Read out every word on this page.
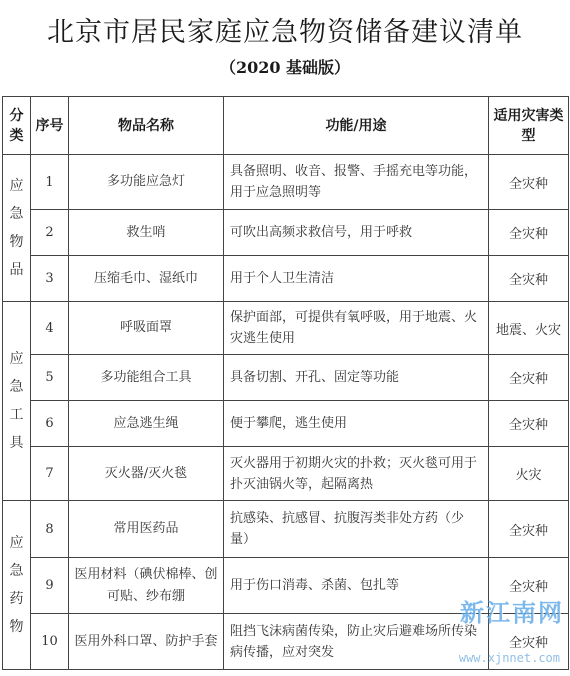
北京市居民家庭应急物资储备建议清单
（2020 基础版）
分类	序号	物品名称	功能/用途	适用灾害类型
应急物品	1	多功能应急灯	具备照明、收音、报警、手摇充电等功能，用于应急照明等	全灾种
	2	救生哨	可吹出高频求救信号，用于呼救	全灾种
	3	压缩毛巾、湿纸巾	用于个人卫生清洁	全灾种
应急工具	4	呼吸面罩	保护面部，可提供有氧呼吸，用于地震、火灾逃生使用	地震、火灾
	5	多功能组合工具	具备切割、开孔、固定等功能	全灾种
	6	应急逃生绳	便于攀爬，逃生使用	全灾种
	7	灭火器/灭火毯	灭火器用于初期火灾的扑救；灭火毯可用于扑灭油锅火等，起隔离热	火灾
应急药物	8	常用医药品	抗感染、抗感冒、抗腹泻类非处方药（少量）	全灾种
	9	医用材料（碘伏棉棒、创可贴、纱布绷	用于伤口消毒、杀菌、包扎等	全灾种
	10	医用外科口罩、防护手套	阻挡飞沫病菌传染，防止灾后避难场所传染病传播，应对突发	全灾种
新江南网
www.xjnnet.com
